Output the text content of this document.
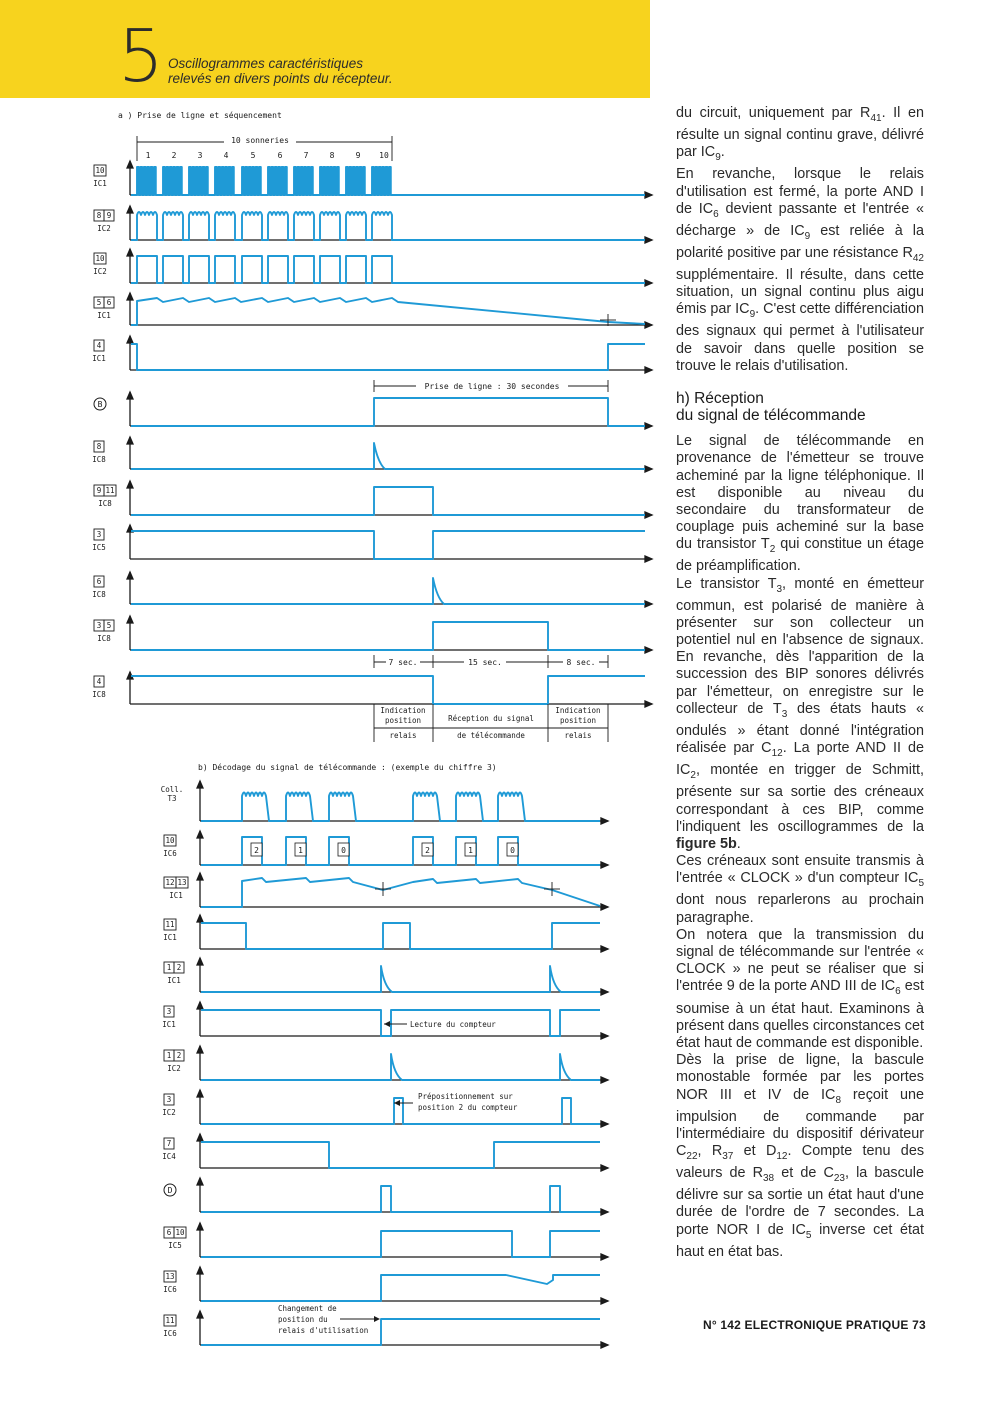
5 Oscillogrammes caractéristiques
relevés en divers points du récepteur.
10
IC1
8 9
IC2
10
IC2
5 6
IC1
4
IC1
B
8
IC8
9 11
IC8
3
IC5
6
IC8
3 5
IC8
4
IC8
Coll.
T3
10
IC6
12 13
IC1
11
IC1
1 2
IC1
3
IC1
1 2
IC2
3
IC2
7
IC4
D
6 10
IC5
13
IC6
11
IC6
a ) Prise de ligne et séquencement
1	2	3	4	5	6	7	8	9 10
10 sonneries
Prise de ligne : 30 secondes
7 sec.	15 sec.	8 sec.
Indication
position
relais
Réception du signal
de télécommande
Indication
position
relais
b) Décodage du signal de télécommande : (exemple du chiffre 3)
2	1	0	2	1	0
Lecture du compteur
Prépositionnement sur
position 2 du compteur
Changement de
position du
relais d'utilisation

du circuit, uniquement par $R_{41}$. Il en résulte un signal continu grave, délivré par $IC_9$.

En revanche, lorsque le relais d'utilisation est fermé, la porte AND I de $IC_6$ devient passante et l'entrée « décharge » de $IC_9$ est reliée à la polarité positive par une résistance $R_{42}$ supplémentaire. Il résulte, dans cette situation, un signal continu plus aigu émis par $IC_9$. C'est cette différenciation des signaux qui permet à l'utilisateur de savoir dans quelle position se trouve le relais d'utilisation.

h) Réception
du signal de télécommande

Le signal de télécommande en provenance de l'émetteur se trouve acheminé par la ligne téléphonique. Il est disponible au niveau du secondaire du transformateur de couplage puis acheminé sur la base du transistor $T_2$ qui constitue un étage de préamplification.

Le transistor $T_3$, monté en émetteur commun, est polarisé de manière à présenter sur son collecteur un potentiel nul en l'absence de signaux. En revanche, dès l'apparition de la succession des BIP sonores délivrés par l'émetteur, on enregistre sur le collecteur de $T_3$ des états hauts « ondulés » étant donné l'intégration réalisée par $C_{12}$. La porte AND II de $IC_2$, montée en trigger de Schmitt, présente sur sa sortie des créneaux correspondant à ces BIP, comme l'indiquent les oscillogrammes de la figure 5b.

Ces créneaux sont ensuite transmis à l'entrée « CLOCK » d'un compteur $IC_5$ dont nous reparlerons au prochain paragraphe.

On notera que la transmission du signal de télécommande sur l'entrée « CLOCK » ne peut se réaliser que si l'entrée 9 de la porte AND III de $IC_6$ est soumise à un état haut. Examinons à présent dans quelles circonstances cet état haut de commande est disponible.

Dès la prise de ligne, la bascule monostable formée par les portes NOR III et IV de $IC_8$ reçoit une impulsion de commande par l'intermédiaire du dispositif dérivateur $C_{22}$, $R_{37}$ et $D_{12}$. Compte tenu des valeurs de $R_{38}$ et de $C_{23}$, la bascule délivre sur sa sortie un état haut d'une durée de l'ordre de 7 secondes. La porte NOR I de $IC_5$ inverse cet état haut en état bas.

N° 142 ELECTRONIQUE PRATIQUE 73
